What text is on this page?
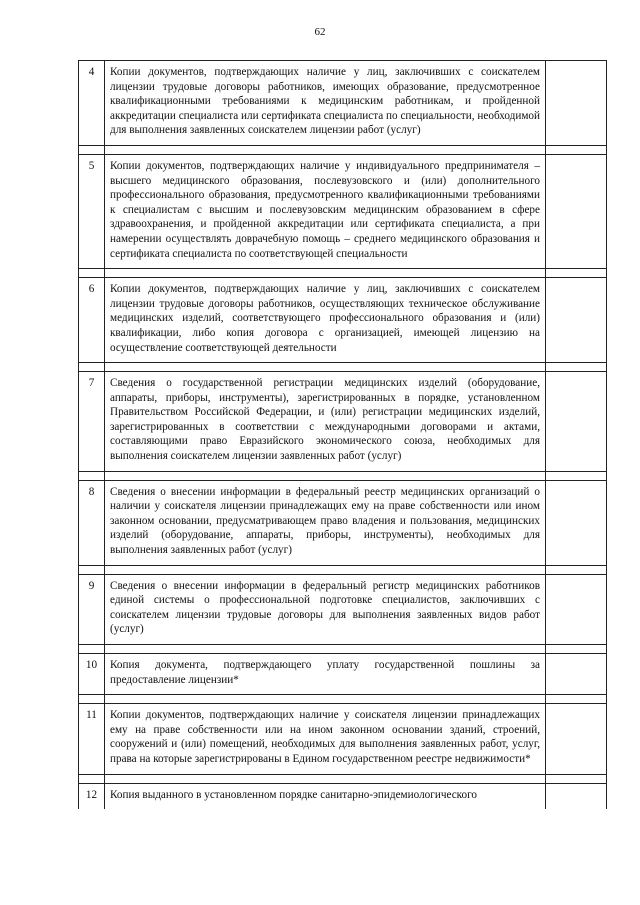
62
4	Копии документов, подтверждающих наличие у лиц, заключивших с соискателем лицензии трудовые договоры работников, имеющих образование, предусмотренное квалификационными требованиями к медицинским работникам, и пройденной аккредитации специалиста или сертификата специалиста по специальности, необходимой для выполнения заявленных соискателем лицензии работ (услуг)	

5	Копии документов, подтверждающих наличие у индивидуального предпринимателя – высшего медицинского образования, послевузовского и (или) дополнительного профессионального образования, предусмотренного квалификационными требованиями к специалистам с высшим и послевузовским медицинским образованием в сфере здравоохранения, и пройденной аккредитации или сертификата специалиста, а при намерении осуществлять доврачебную помощь – среднего медицинского образования и сертификата специалиста по соответствующей специальности	

6	Копии документов, подтверждающих наличие у лиц, заключивших с соискателем лицензии трудовые договоры работников, осуществляющих техническое обслуживание медицинских изделий, соответствующего профессионального образования и (или) квалификации, либо копия договора с организацией, имеющей лицензию на осуществление соответствующей деятельности	

7	Сведения о государственной регистрации медицинских изделий (оборудование, аппараты, приборы, инструменты), зарегистрированных в порядке, установленном Правительством Российской Федерации, и (или) регистрации медицинских изделий, зарегистрированных в соответствии с международными договорами и актами, составляющими право Евразийского экономического союза, необходимых для выполнения соискателем лицензии заявленных работ (услуг)	

8	Сведения о внесении информации в федеральный реестр медицинских организаций о наличии у соискателя лицензии принадлежащих ему на праве собственности или ином законном основании, предусматривающем право владения и пользования, медицинских изделий (оборудование, аппараты, приборы, инструменты), необходимых для выполнения заявленных работ (услуг)	

9	Сведения о внесении информации в федеральный регистр медицинских работников единой системы о профессиональной подготовке специалистов, заключивших с соискателем лицензии трудовые договоры для выполнения заявленных видов работ (услуг)	

10	Копия документа, подтверждающего уплату государственной пошлины за предоставление лицензии*	

11	Копии документов, подтверждающих наличие у соискателя лицензии принадлежащих ему на праве собственности или на ином законном основании зданий, строений, сооружений и (или) помещений, необходимых для выполнения заявленных работ, услуг, права на которые зарегистрированы в Едином государственном реестре недвижимости*	

12	Копия выданного в установленном порядке санитарно-эпидемиологического	
